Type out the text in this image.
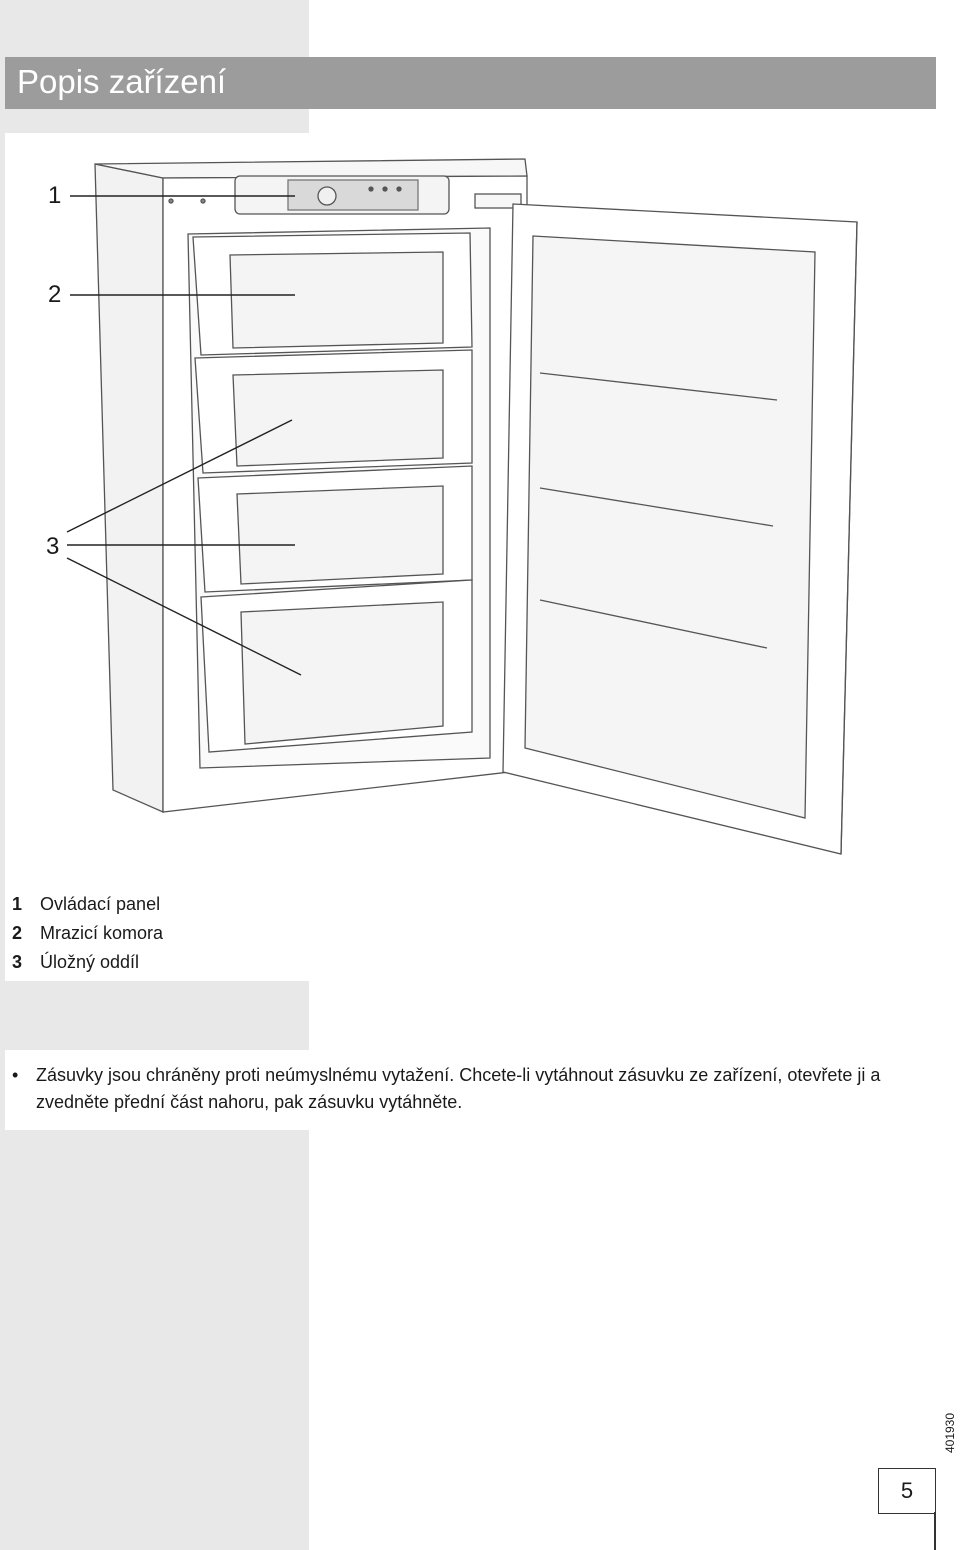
Popis zařízení
1
2
3
1 Ovládací panel
2 Mrazicí komora
3 Úložný oddíl
• Zásuvky jsou chráněny proti neúmyslnému vytažení. Chcete-li vytáhnout zásuvku ze zařízení, otevřete ji a zvedněte přední část nahoru, pak zásuvku vytáhněte.
401930
5
